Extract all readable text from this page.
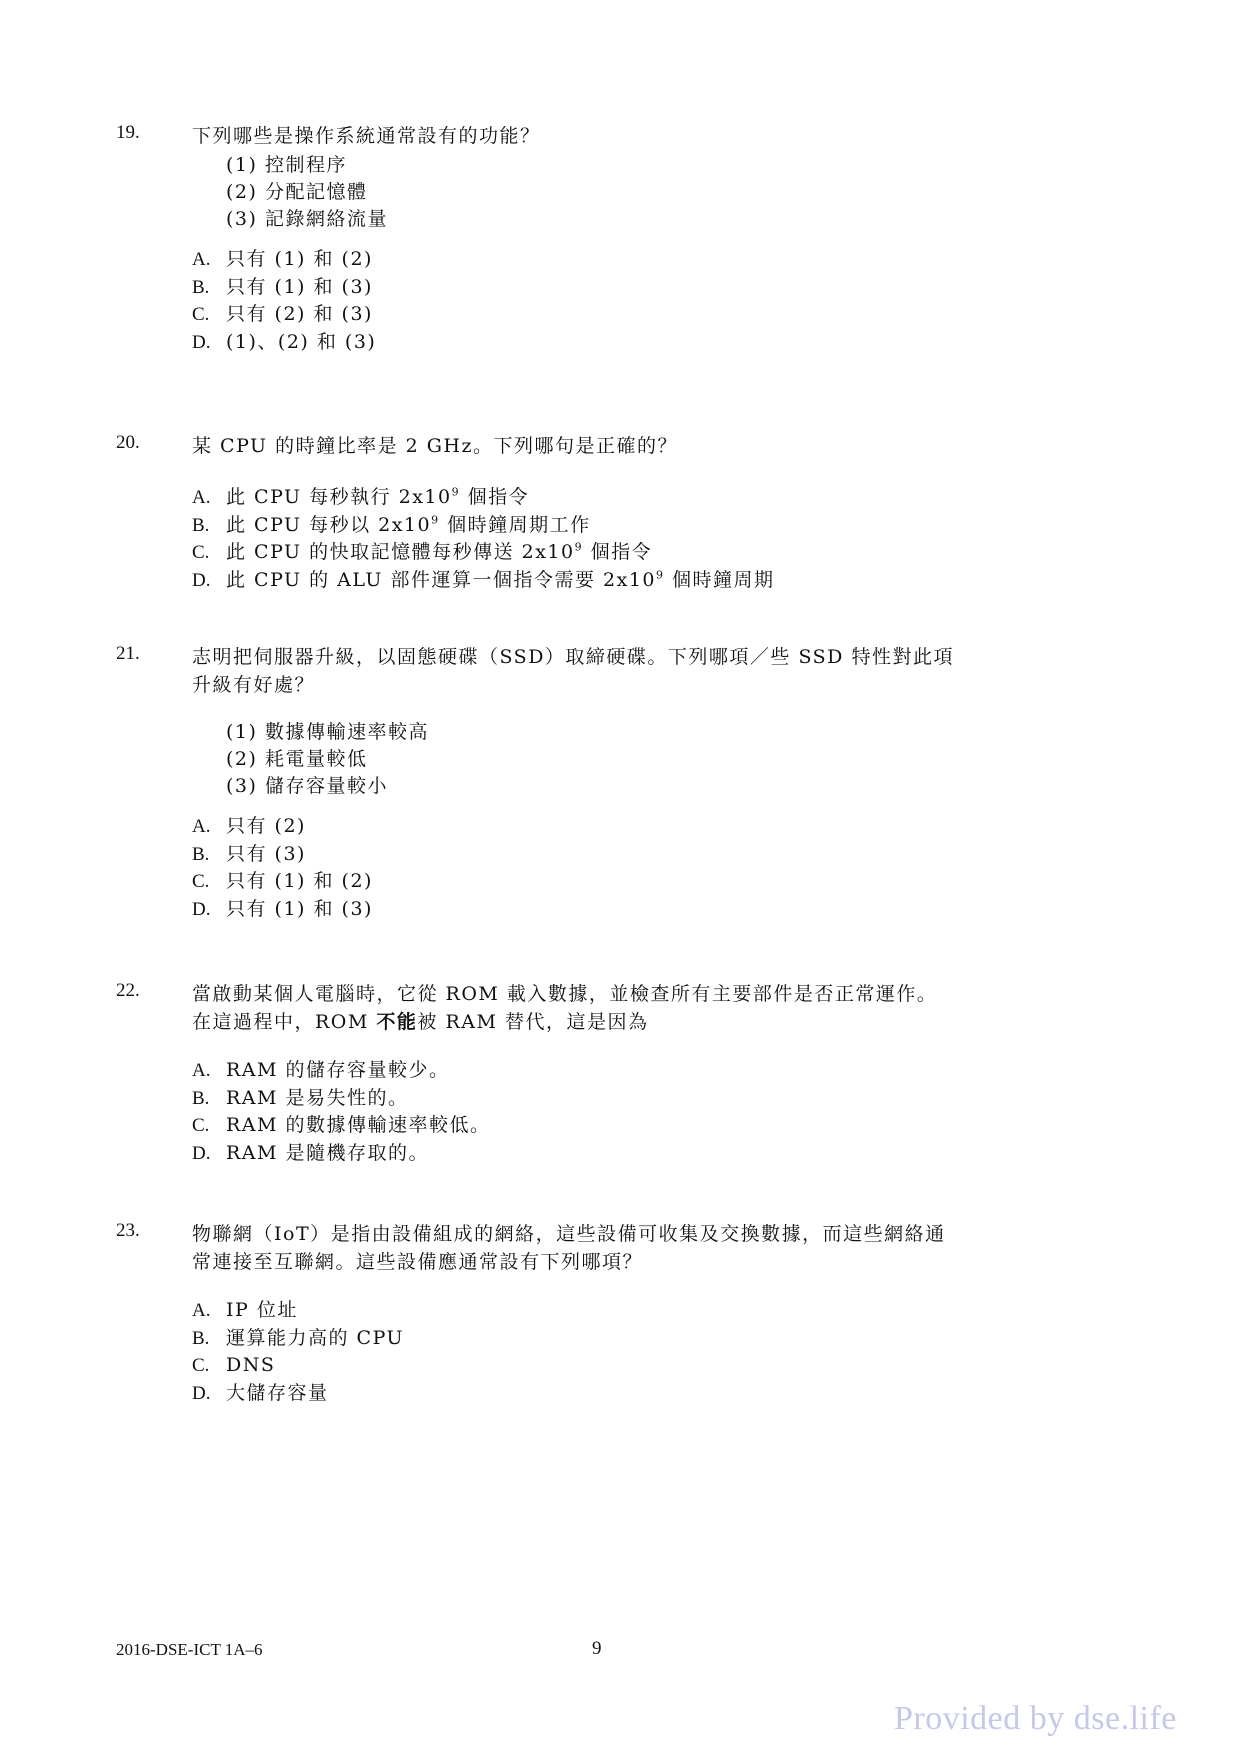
19.	下列哪些是操作系統通常設有的功能？
(1) 控制程序
(2) 分配記憶體
(3) 記錄網絡流量
A. 只有 (1) 和 (2)
B. 只有 (1) 和 (3)
C. 只有 (2) 和 (3)
D. (1)、(2) 和 (3)
20.	某 CPU 的時鐘比率是 2 GHz。下列哪句是正確的？
A. 此 CPU 每秒執行 $2x10^9$ 個指令
B. 此 CPU 每秒以 $2x10^9$ 個時鐘周期工作
C. 此 CPU 的快取記憶體每秒傳送 $2x10^9$ 個指令
D. 此 CPU 的 ALU 部件運算一個指令需要 $2x10^9$ 個時鐘周期
21.	志明把伺服器升級，以固態硬碟（SSD）取締硬碟。下列哪項／些 SSD 特性對此項
升級有好處？
(1) 數據傳輸速率較高
(2) 耗電量較低
(3) 儲存容量較小
A. 只有 (2)
B. 只有 (3)
C. 只有 (1) 和 (2)
D. 只有 (1) 和 (3)
22.	當啟動某個人電腦時，它從 ROM 載入數據，並檢查所有主要部件是否正常運作。
在這過程中，ROM 不能被 RAM 替代，這是因為
A. RAM 的儲存容量較少。
B. RAM 是易失性的。
C. RAM 的數據傳輸速率較低。
D. RAM 是隨機存取的。
23.	物聯網（IoT）是指由設備組成的網絡，這些設備可收集及交換數據，而這些網絡通
常連接至互聯網。這些設備應通常設有下列哪項？
A. IP 位址
B. 運算能力高的 CPU
C. DNS
D. 大儲存容量
2016-DSE-ICT 1A–6	9
Provided by dse.life
